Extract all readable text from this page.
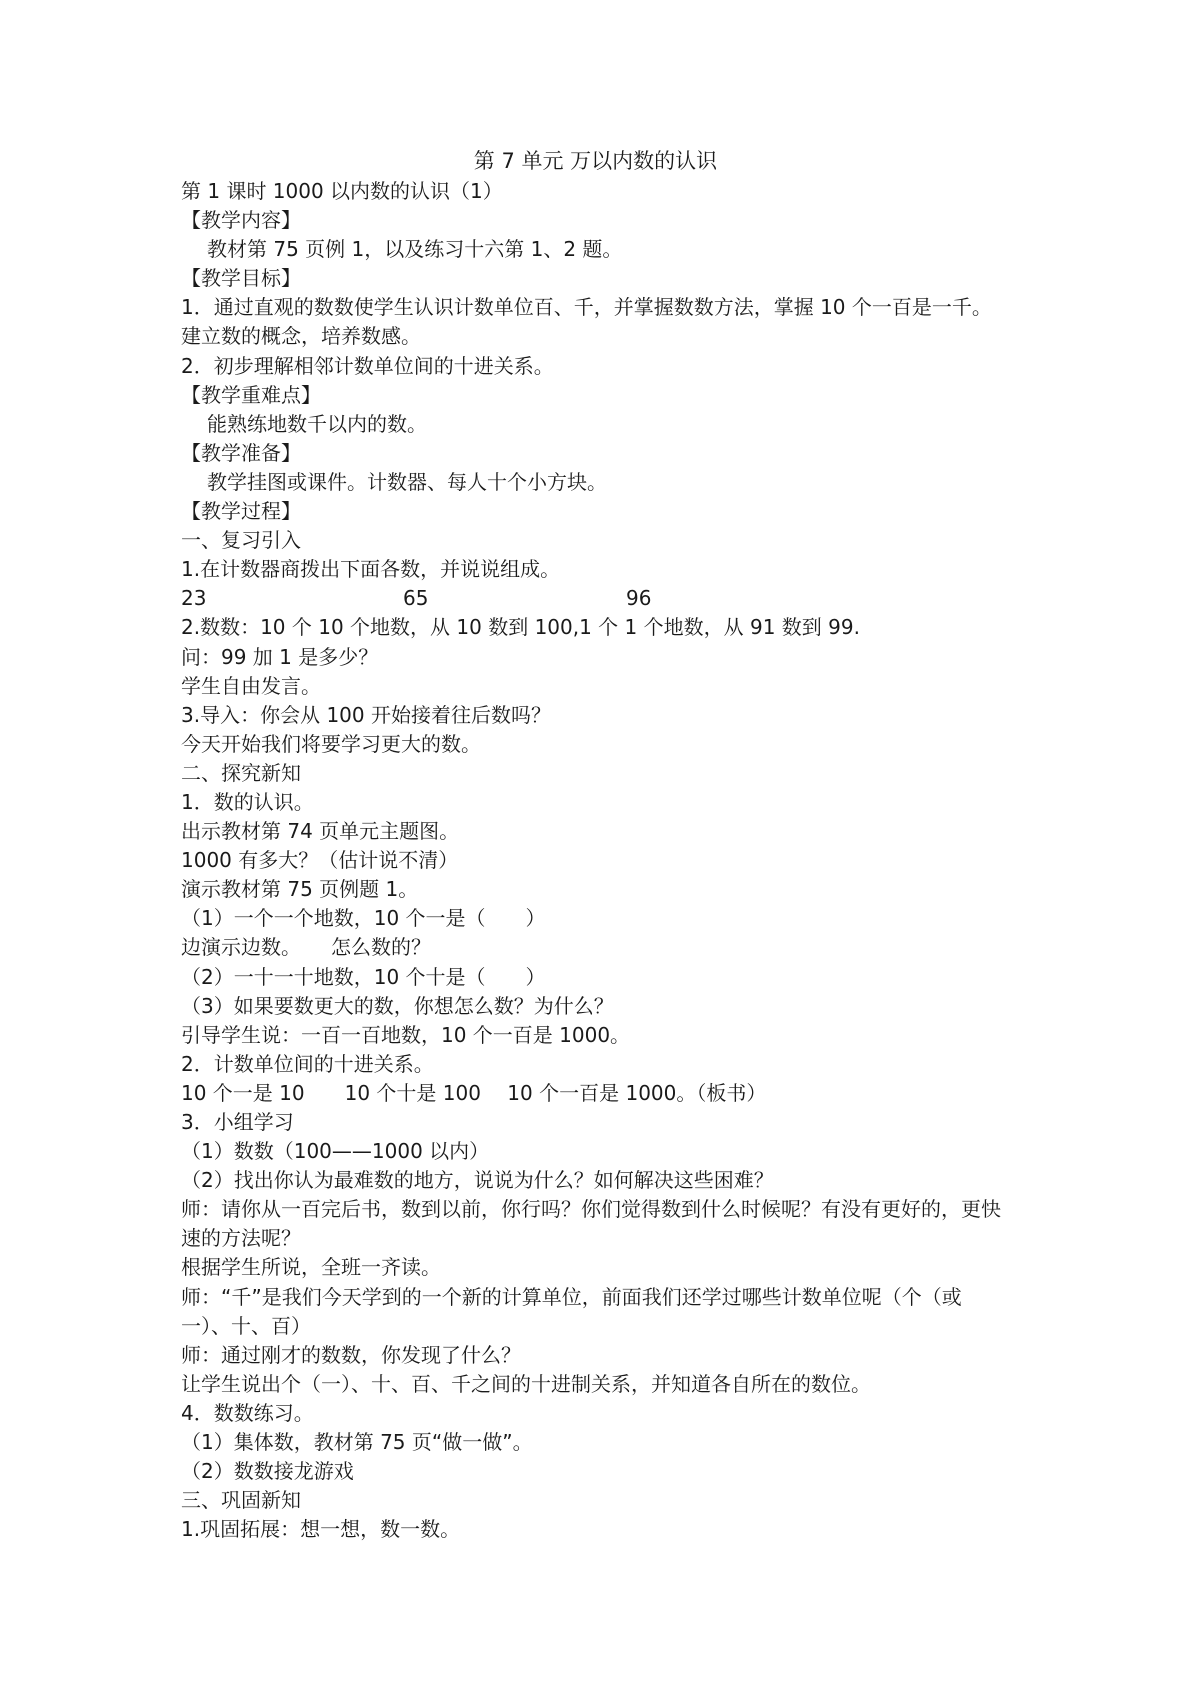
第 7 单元 万以内数的认识

第 1 课时 1000 以内数的认识（1）

【教学内容】

教材第 75 页例 1，以及练习十六第 1、2 题。

【教学目标】

1．通过直观的数数使学生认识计数单位百、千，并掌握数数方法，掌握 10 个一百是一千。建立数的概念，培养数感。

2．初步理解相邻计数单位间的十进关系。

【教学重难点】

能熟练地数千以内的数。

【教学准备】

教学挂图或课件。计数器、每人十个小方块。

【教学过程】

一、复习引入

1.在计数器商拨出下面各数，并说说组成。

23	65	96

2.数数：10 个 10 个地数，从 10 数到 100,1 个 1 个地数，从 91 数到 99.

问：99 加 1 是多少？

学生自由发言。

3.导入：你会从 100 开始接着往后数吗？

今天开始我们将要学习更大的数。

二、探究新知

1．数的认识。

出示教材第 74 页单元主题图。

1000 有多大？（估计说不清）

演示教材第 75 页例题 1。

（1）一个一个地数，10 个一是（　　）

边演示边数。　　怎么数的？

（2）一十一十地数，10 个十是（　　）

（3）如果要数更大的数，你想怎么数？为什么？

引导学生说：一百一百地数，10 个一百是 1000。

2．计数单位间的十进关系。

10 个一是 10　　10 个十是 100　 10 个一百是 1000。（板书）

3．小组学习

（1）数数（100——1000 以内）

（2）找出你认为最难数的地方，说说为什么？如何解决这些困难？

师：请你从一百完后书，数到以前，你行吗？你们觉得数到什么时候呢？有没有更好的，更快速的方法呢？

根据学生所说，全班一齐读。

师：“千”是我们今天学到的一个新的计算单位，前面我们还学过哪些计数单位呢（个（或一）、十、百）

师：通过刚才的数数，你发现了什么？

让学生说出个（一）、十、百、千之间的十进制关系，并知道各自所在的数位。

4．数数练习。

（1）集体数，教材第 75 页“做一做”。

（2）数数接龙游戏

三、巩固新知

1.巩固拓展：想一想，数一数。
